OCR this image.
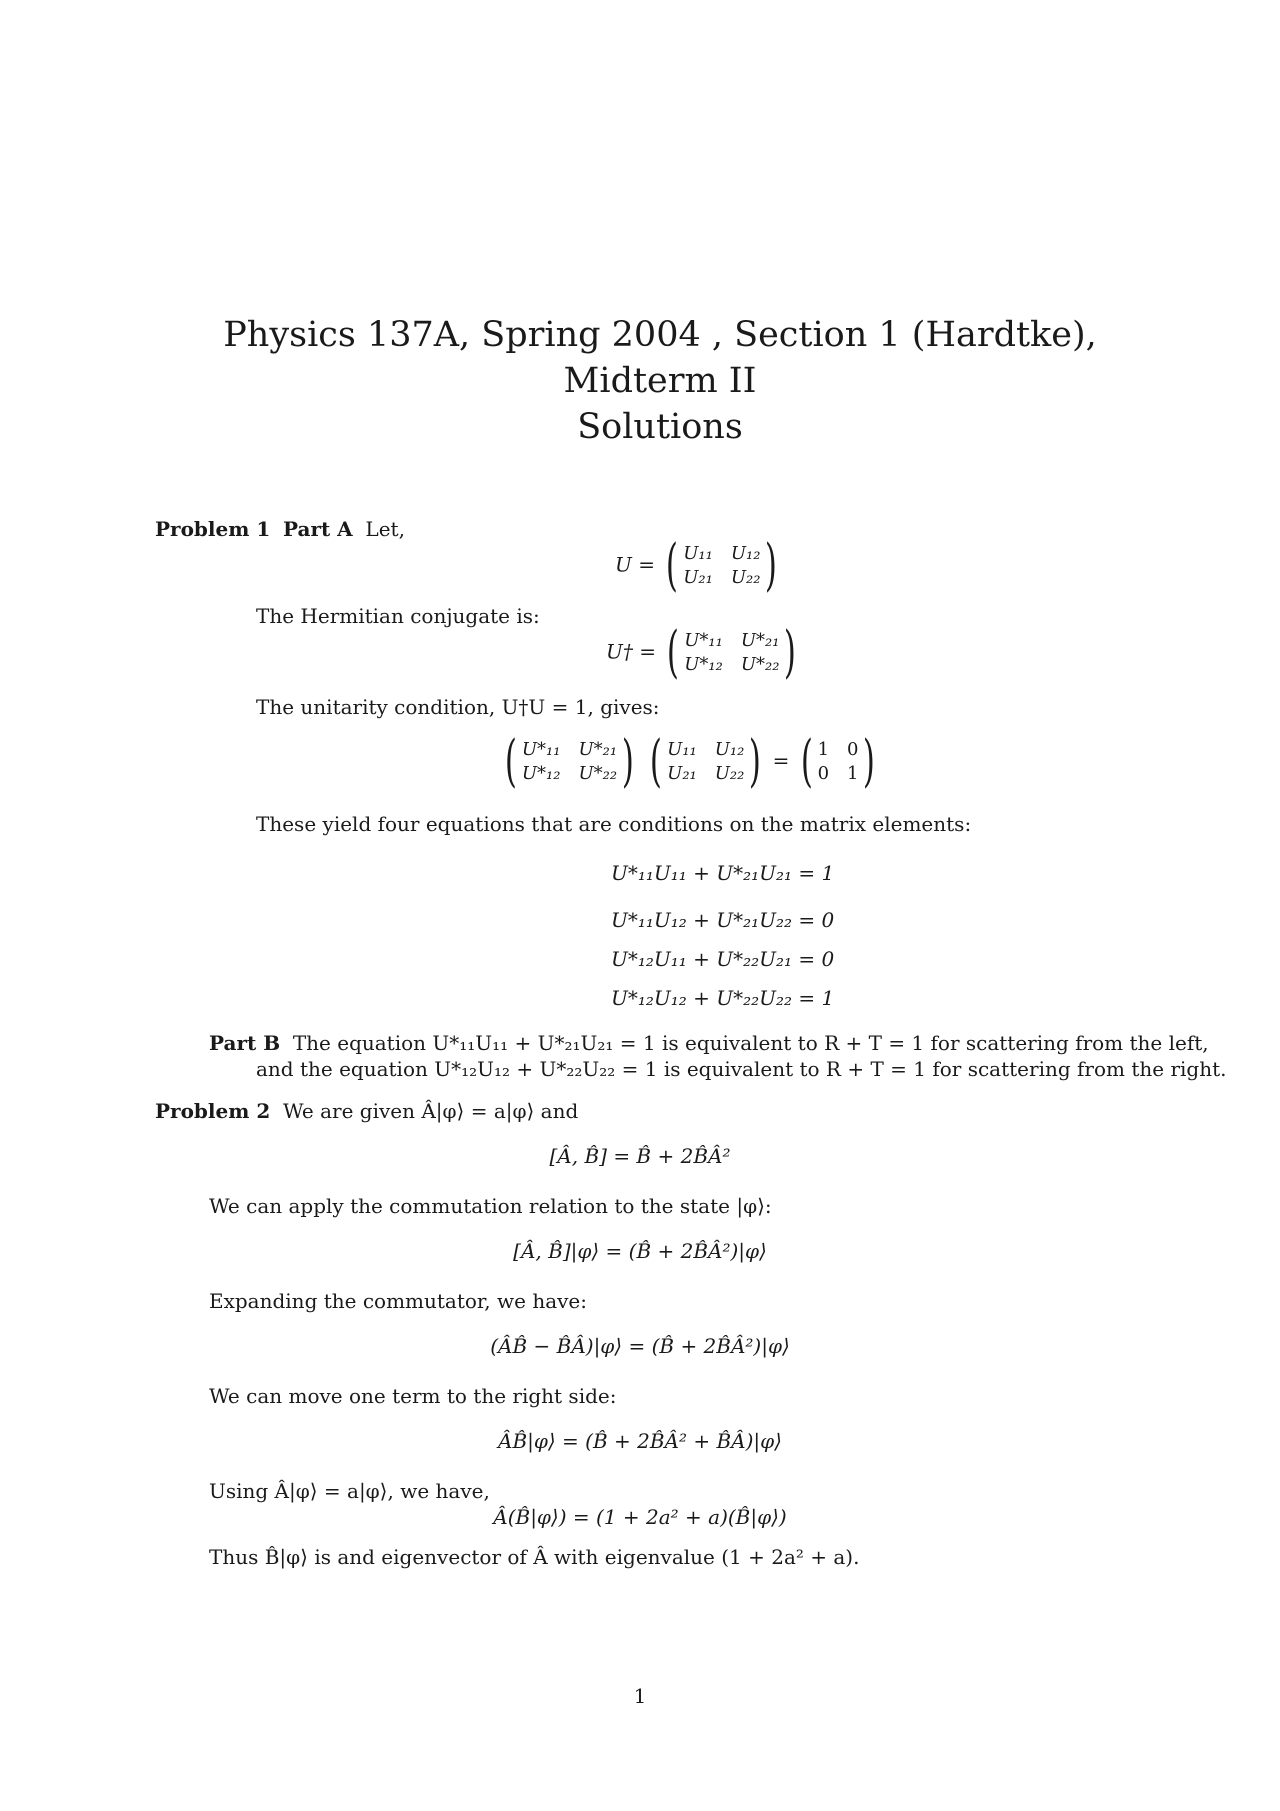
Physics 137A, Spring 2004 , Section 1 (Hardtke), Midterm II
Solutions
Problem 1 Part A Let,
U = ( U₁₁ U₁₂
U₂₁ U₂₂ )
The Hermitian conjugate is:
U† = ( U*₁₁ U*₂₁
U*₁₂ U*₂₂ )
The unitarity condition, U†U = 1, gives:
( U*₁₁ U*₂₁
U*₁₂ U*₂₂ )
( U₁₁ U₁₂
U₂₁ U₂₂ ) = ( 1 0
0 1 )
These yield four equations that are conditions on the matrix elements:
U*₁₁U₁₁ + U*₂₁U₂₁ = 1
U*₁₁U₁₂ + U*₂₁U₂₂ = 0
U*₁₂U₁₁ + U*₂₂U₂₁ = 0
U*₁₂U₁₂ + U*₂₂U₂₂ = 1
Part B The equation U*₁₁U₁₁ + U*₂₁U₂₁ = 1 is equivalent to R + T = 1 for scattering from the left,
and the equation U*₁₂U₁₂ + U*₂₂U₂₂ = 1 is equivalent to R + T = 1 for scattering from the right.
Problem 2 We are given Â|φ⟩ = a|φ⟩ and
[Â, B̂] = B̂ + 2B̂Â²
We can apply the commutation relation to the state |φ⟩:
[Â, B̂]|φ⟩ = (B̂ + 2B̂Â²)|φ⟩
Expanding the commutator, we have:
(ÂB̂ − B̂Â)|φ⟩ = (B̂ + 2B̂Â²)|φ⟩
We can move one term to the right side:
ÂB̂|φ⟩ = (B̂ + 2B̂Â² + B̂Â)|φ⟩
Using Â|φ⟩ = a|φ⟩, we have,
Â(B̂|φ⟩) = (1 + 2a² + a)(B̂|φ⟩)
Thus B̂|φ⟩ is and eigenvector of Â with eigenvalue (1 + 2a² + a).
1
